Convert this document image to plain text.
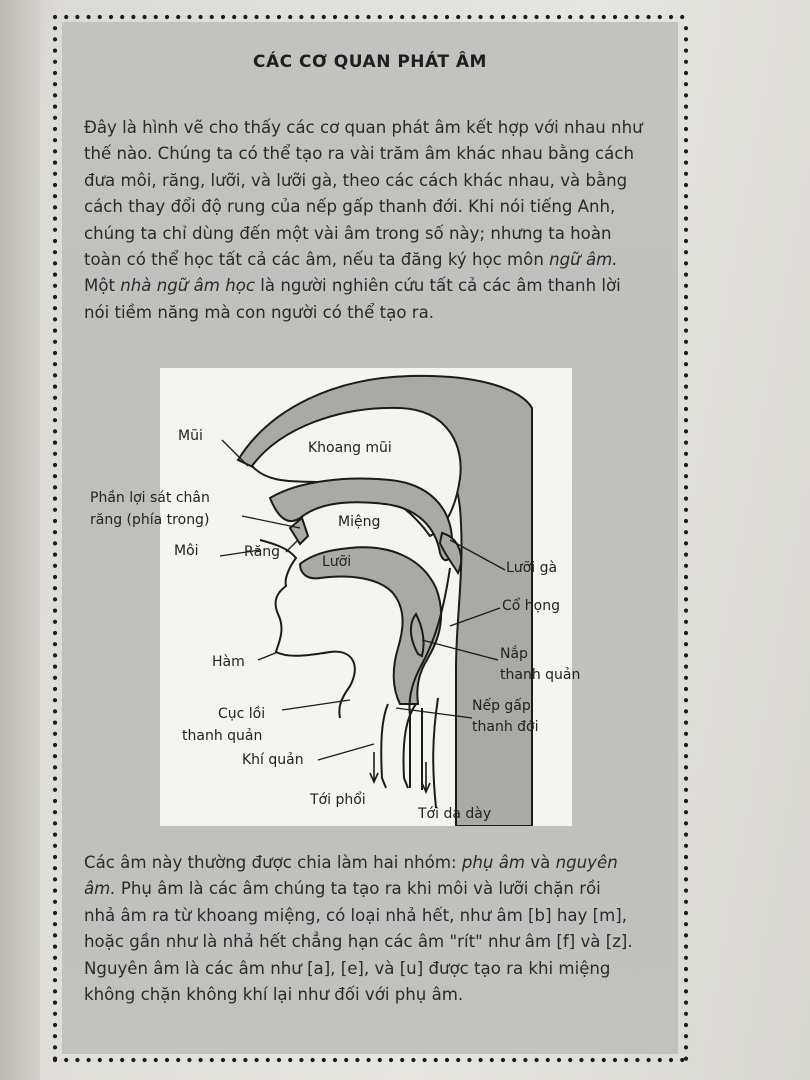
CÁC CƠ QUAN PHÁT ÂM
Đây là hình vẽ cho thấy các cơ quan phát âm kết hợp với nhau như
thế nào. Chúng ta có thể tạo ra vài trăm âm khác nhau bằng cách
đưa môi, răng, lưỡi, và lưỡi gà, theo các cách khác nhau, và bằng
cách thay đổi độ rung của nếp gấp thanh đới. Khi nói tiếng Anh,
chúng ta chỉ dùng đến một vài âm trong số này; nhưng ta hoàn
toàn có thể học tất cả các âm, nếu ta đăng ký học môn ngữ âm.
Một nhà ngữ âm học là người nghiên cứu tất cả các âm thanh lời
nói tiềm năng mà con người có thể tạo ra.
Mũi
Khoang mũi
Phần lợi sát chân
răng (phía trong)	Miệng
Môi	Răng
Lưỡi	Lưỡi gà
Cổ họng
Hàm	Nắp
thanh quản
Nếp gấp
thanh đới
Cục lồi
thanh quản
Khí quản
Tới phổi
Tới dạ dày
Các âm này thường được chia làm hai nhóm: phụ âm và nguyên
âm. Phụ âm là các âm chúng ta tạo ra khi môi và lưỡi chặn rồi
nhả âm ra từ khoang miệng, có loại nhả hết, như âm [b] hay [m],
hoặc gần như là nhả hết chẳng hạn các âm "rít" như âm [f] và [z].
Nguyên âm là các âm như [a], [e], và [u] được tạo ra khi miệng
không chặn không khí lại như đối với phụ âm.
